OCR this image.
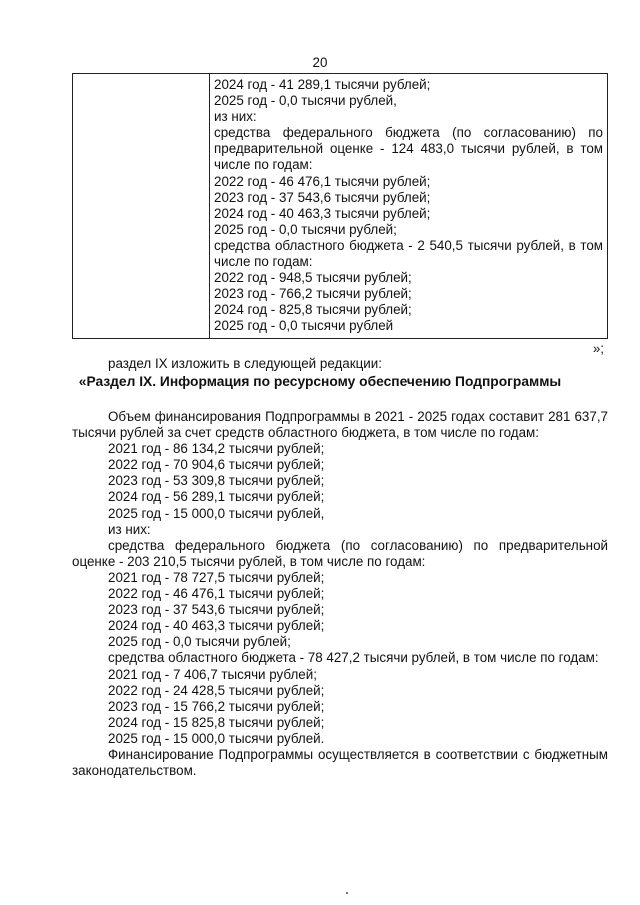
20

2024 год - 41 289,1 тысячи рублей;
2025 год - 0,0 тысячи рублей,
из них:
средства федерального бюджета (по согласованию) по предварительной оценке - 124 483,0 тысячи рублей, в том числе по годам:
2022 год - 46 476,1 тысячи рублей;
2023 год - 37 543,6 тысячи рублей;
2024 год - 40 463,3 тысячи рублей;
2025 год - 0,0 тысячи рублей;
средства областного бюджета - 2 540,5 тысячи рублей, в том числе по годам:
2022 год - 948,5 тысячи рублей;
2023 год - 766,2 тысячи рублей;
2024 год - 825,8 тысячи рублей;
2025 год - 0,0 тысячи рублей
»;
раздел IX изложить в следующей редакции:
«Раздел IX. Информация по ресурсному обеспечению Подпрограммы

Объем финансирования Подпрограммы в 2021 - 2025 годах составит 281 637,7 тысячи рублей за счет средств областного бюджета, в том числе по годам:

2021 год - 86 134,2 тысячи рублей;

2022 год - 70 904,6 тысячи рублей;

2023 год - 53 309,8 тысячи рублей;

2024 год - 56 289,1 тысячи рублей;

2025 год - 15 000,0 тысячи рублей,

из них:

средства федерального бюджета (по согласованию) по предварительной оценке - 203 210,5 тысячи рублей, в том числе по годам:

2021 год - 78 727,5 тысячи рублей;

2022 год - 46 476,1 тысячи рублей;

2023 год - 37 543,6 тысячи рублей;

2024 год - 40 463,3 тысячи рублей;

2025 год - 0,0 тысячи рублей;

средства областного бюджета - 78 427,2 тысячи рублей, в том числе по годам:

2021 год - 7 406,7 тысячи рублей;

2022 год - 24 428,5 тысячи рублей;

2023 год - 15 766,2 тысячи рублей;

2024 год - 15 825,8 тысячи рублей;

2025 год - 15 000,0 тысячи рублей.

Финансирование Подпрограммы осуществляется в соответствии с бюджетным законодательством.
